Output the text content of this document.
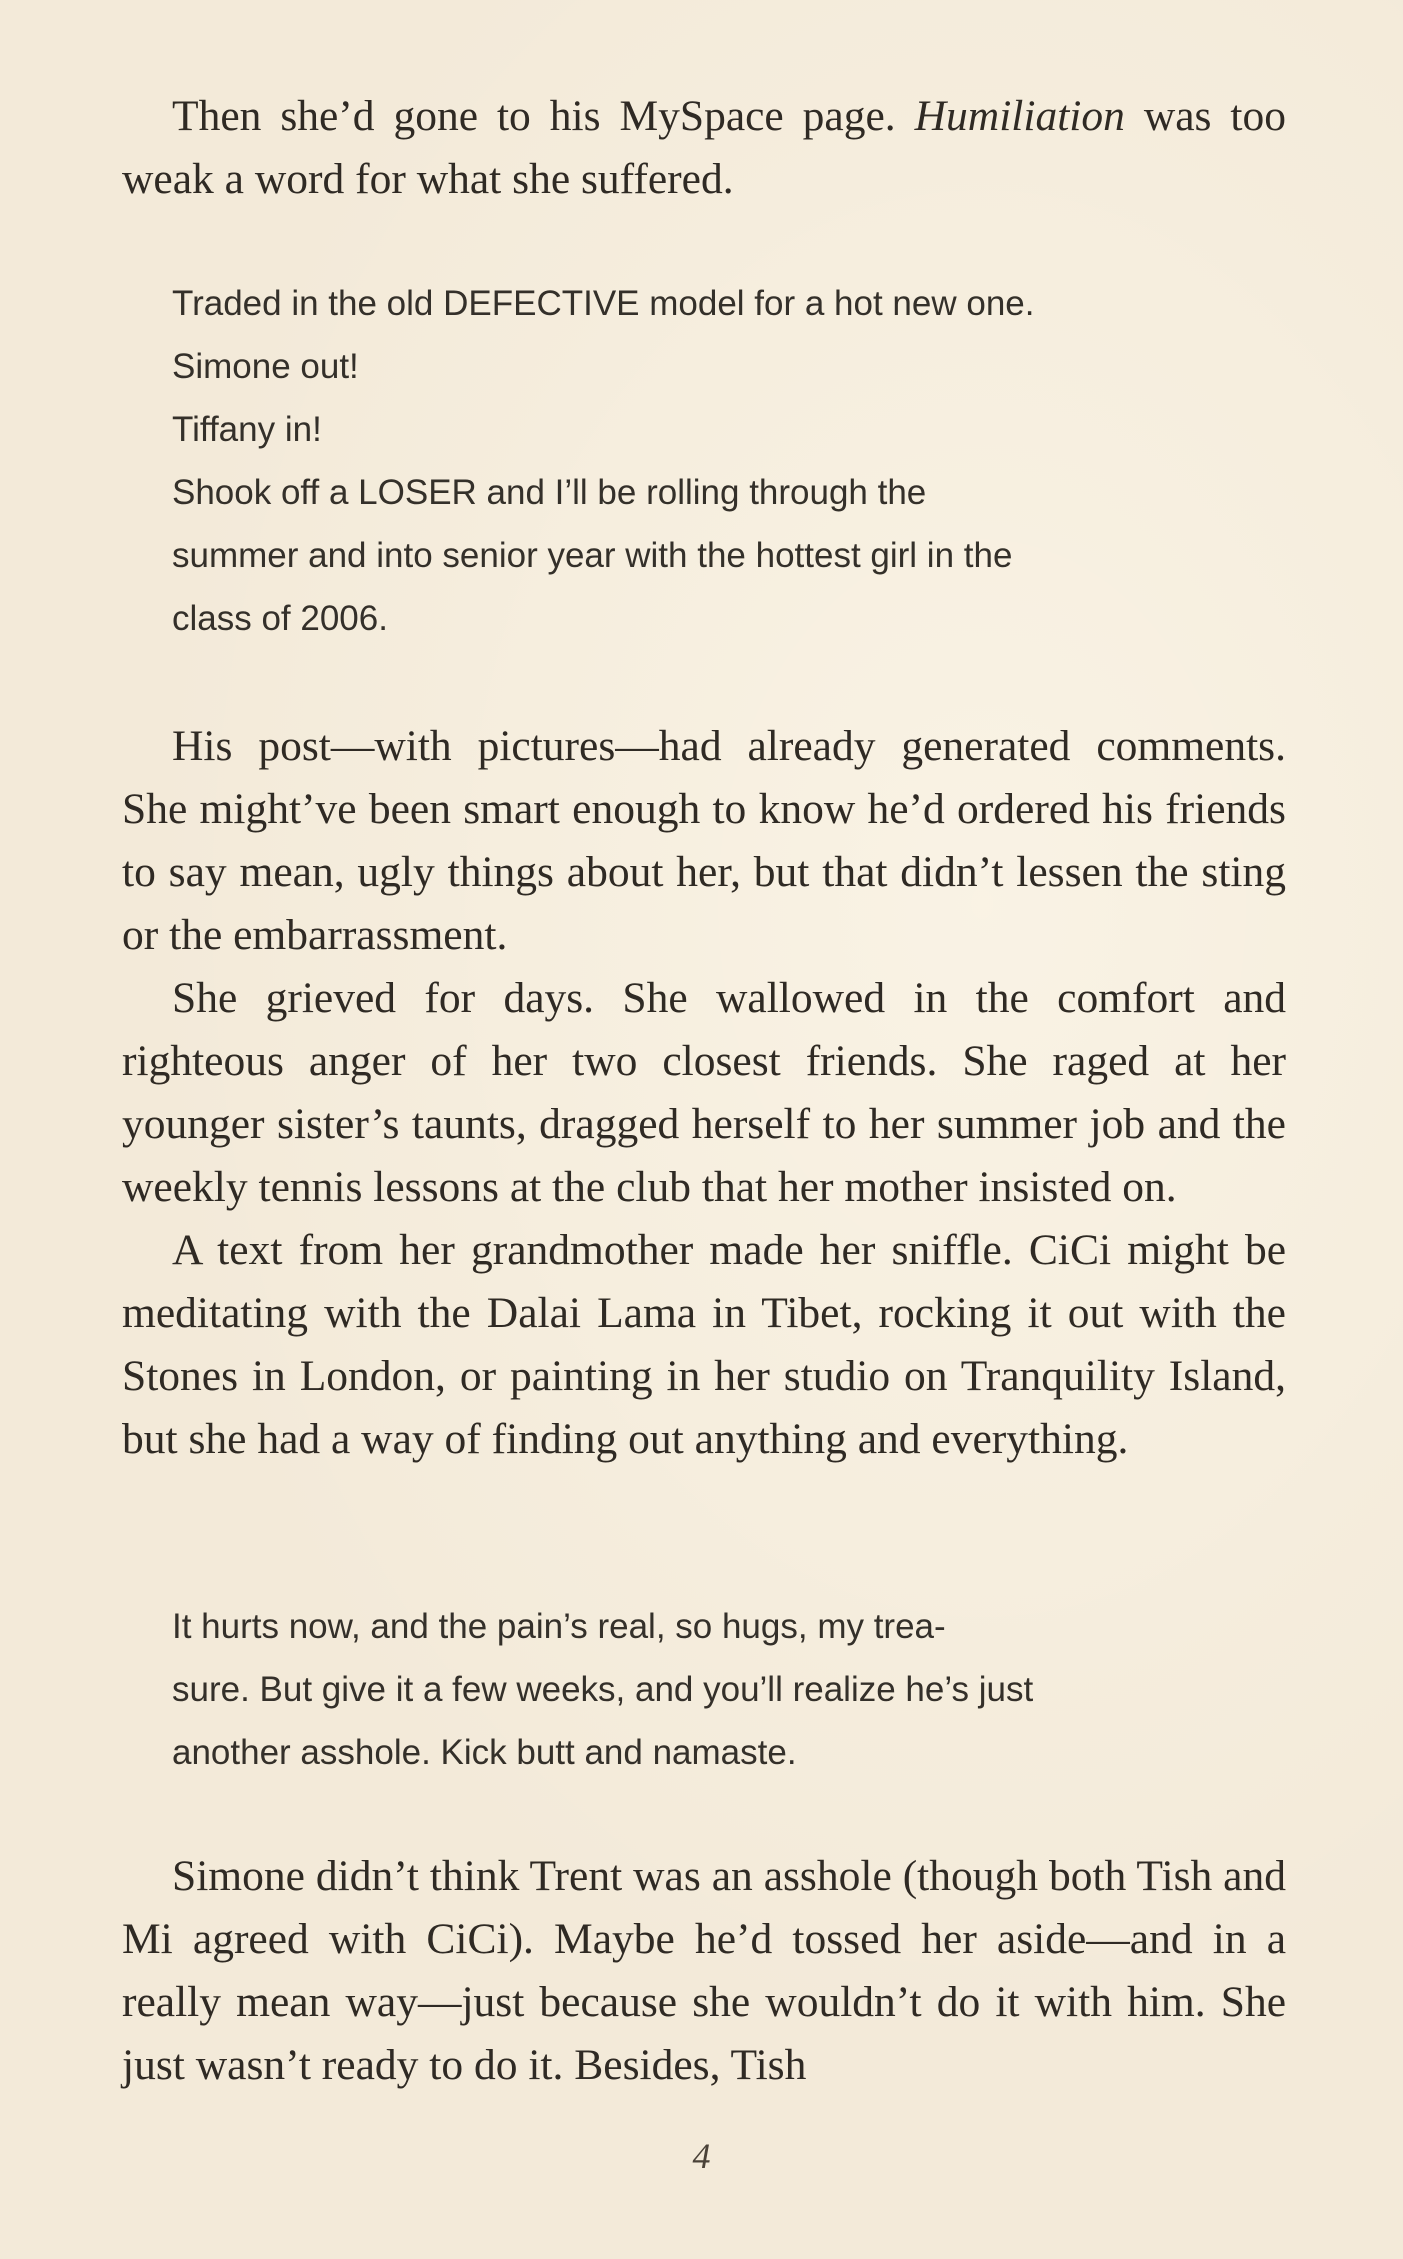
Then she’d gone to his MySpace page. Humiliation was too weak a word for what she suffered.

Traded in the old DEFECTIVE model for a hot new one.
Simone out!
Tiffany in!
Shook off a LOSER and I’ll be rolling through the
summer and into senior year with the hottest girl in the
class of 2006.

His post—with pictures—had already generated comments. She might’ve been smart enough to know he’d ordered his friends to say mean, ugly things about her, but that didn’t lessen the sting or the embarrassment.

She grieved for days. She wallowed in the comfort and righteous anger of her two closest friends. She raged at her younger sister’s taunts, dragged herself to her summer job and the weekly tennis lessons at the club that her mother insisted on.

A text from her grandmother made her sniffle. CiCi might be meditating with the Dalai Lama in Tibet, rocking it out with the Stones in London, or painting in her studio on Tranquility Island, but she had a way of finding out anything and everything.

It hurts now, and the pain’s real, so hugs, my trea-
sure. But give it a few weeks, and you’ll realize he’s just
another asshole. Kick butt and namaste.

Simone didn’t think Trent was an asshole (though both Tish and Mi agreed with CiCi). Maybe he’d tossed her aside—and in a really mean way—just because she wouldn’t do it with him. She just wasn’t ready to do it. Besides, Tish

4
